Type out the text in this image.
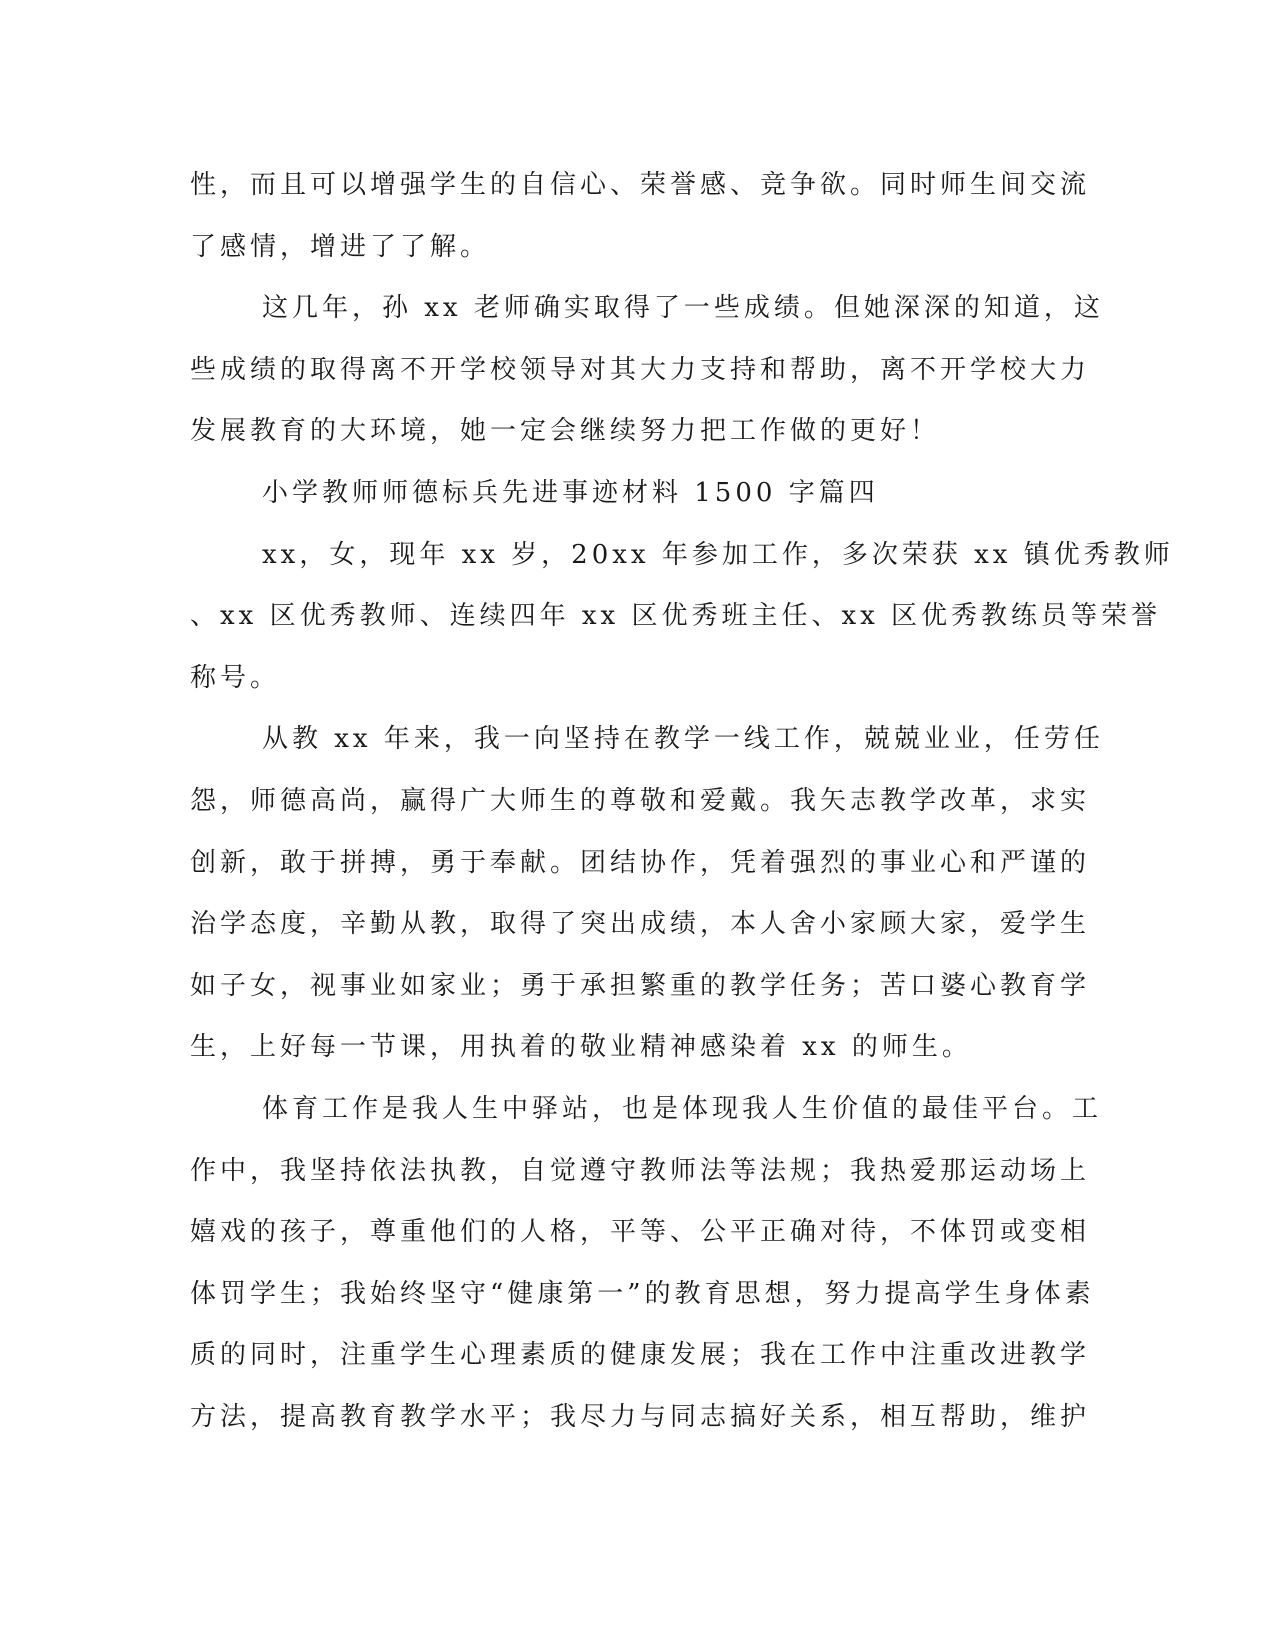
性，而且可以增强学生的自信心、荣誉感、竞争欲。同时师生间交流
了感情，增进了了解。

这几年，孙 xx 老师确实取得了一些成绩。但她深深的知道，这
些成绩的取得离不开学校领导对其大力支持和帮助，离不开学校大力
发展教育的大环境，她一定会继续努力把工作做的更好！

小学教师师德标兵先进事迹材料 1500 字篇四

xx，女，现年 xx 岁，20xx 年参加工作，多次荣获 xx 镇优秀教师
、xx 区优秀教师、连续四年 xx 区优秀班主任、xx 区优秀教练员等荣誉
称号。

从教 xx 年来，我一向坚持在教学一线工作，兢兢业业，任劳任
怨，师德高尚，赢得广大师生的尊敬和爱戴。我矢志教学改革，求实
创新，敢于拼搏，勇于奉献。团结协作，凭着强烈的事业心和严谨的
治学态度，辛勤从教，取得了突出成绩，本人舍小家顾大家，爱学生
如子女，视事业如家业；勇于承担繁重的教学任务；苦口婆心教育学
生，上好每一节课，用执着的敬业精神感染着 xx 的师生。

体育工作是我人生中驿站，也是体现我人生价值的最佳平台。工
作中，我坚持依法执教，自觉遵守教师法等法规；我热爱那运动场上
嬉戏的孩子，尊重他们的人格，平等、公平正确对待，不体罚或变相
体罚学生；我始终坚守“健康第一”的教育思想，努力提高学生身体素
质的同时，注重学生心理素质的健康发展；我在工作中注重改进教学
方法，提高教育教学水平；我尽力与同志搞好关系，相互帮助，维护
